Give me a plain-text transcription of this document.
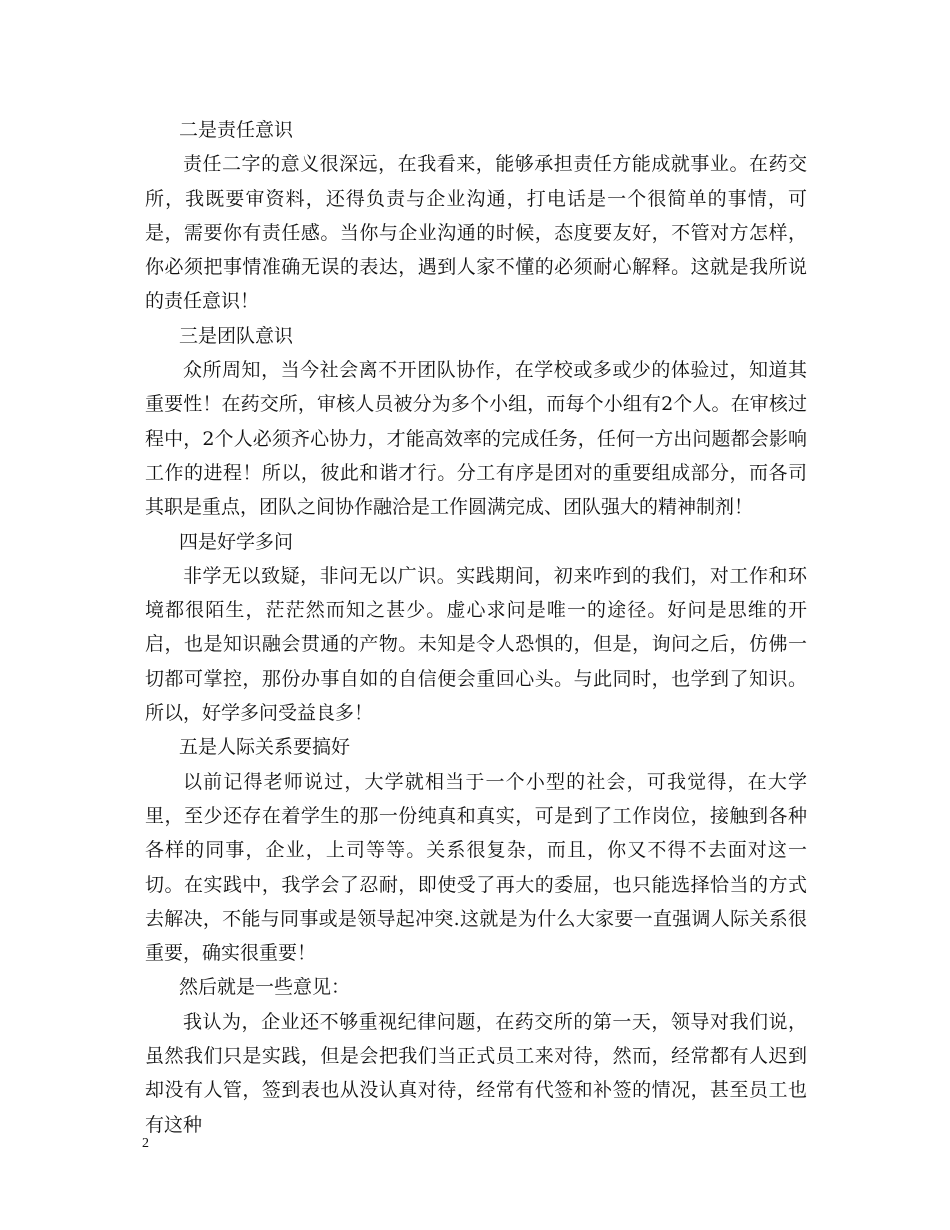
二是责任意识

责任二字的意义很深远，在我看来，能够承担责任方能成就事业。在药交所，我既要审资料，还得负责与企业沟通，打电话是一个很简单的事情，可是，需要你有责任感。当你与企业沟通的时候，态度要友好，不管对方怎样，你必须把事情准确无误的表达，遇到人家不懂的必须耐心解释。这就是我所说的责任意识！

三是团队意识

众所周知，当今社会离不开团队协作，在学校或多或少的体验过，知道其重要性！在药交所，审核人员被分为多个小组，而每个小组有2个人。在审核过程中，2个人必须齐心协力，才能高效率的完成任务，任何一方出问题都会影响工作的进程！所以，彼此和谐才行。分工有序是团对的重要组成部分，而各司其职是重点，团队之间协作融洽是工作圆满完成、团队强大的精神制剂！

四是好学多问

非学无以致疑，非问无以广识。实践期间，初来咋到的我们，对工作和环境都很陌生，茫茫然而知之甚少。虚心求问是唯一的途径。好问是思维的开启，也是知识融会贯通的产物。未知是令人恐惧的，但是，询问之后，仿佛一切都可掌控，那份办事自如的自信便会重回心头。与此同时，也学到了知识。所以，好学多问受益良多！

五是人际关系要搞好

以前记得老师说过，大学就相当于一个小型的社会，可我觉得，在大学里，至少还存在着学生的那一份纯真和真实，可是到了工作岗位，接触到各种各样的同事，企业，上司等等。关系很复杂，而且，你又不得不去面对这一切。在实践中，我学会了忍耐，即使受了再大的委屈，也只能选择恰当的方式去解决，不能与同事或是领导起冲突.这就是为什么大家要一直强调人际关系很重要，确实很重要！

然后就是一些意见：

我认为，企业还不够重视纪律问题，在药交所的第一天，领导对我们说，虽然我们只是实践，但是会把我们当正式员工来对待，然而，经常都有人迟到却没有人管，签到表也从没认真对待，经常有代签和补签的情况，甚至员工也有这种

2
